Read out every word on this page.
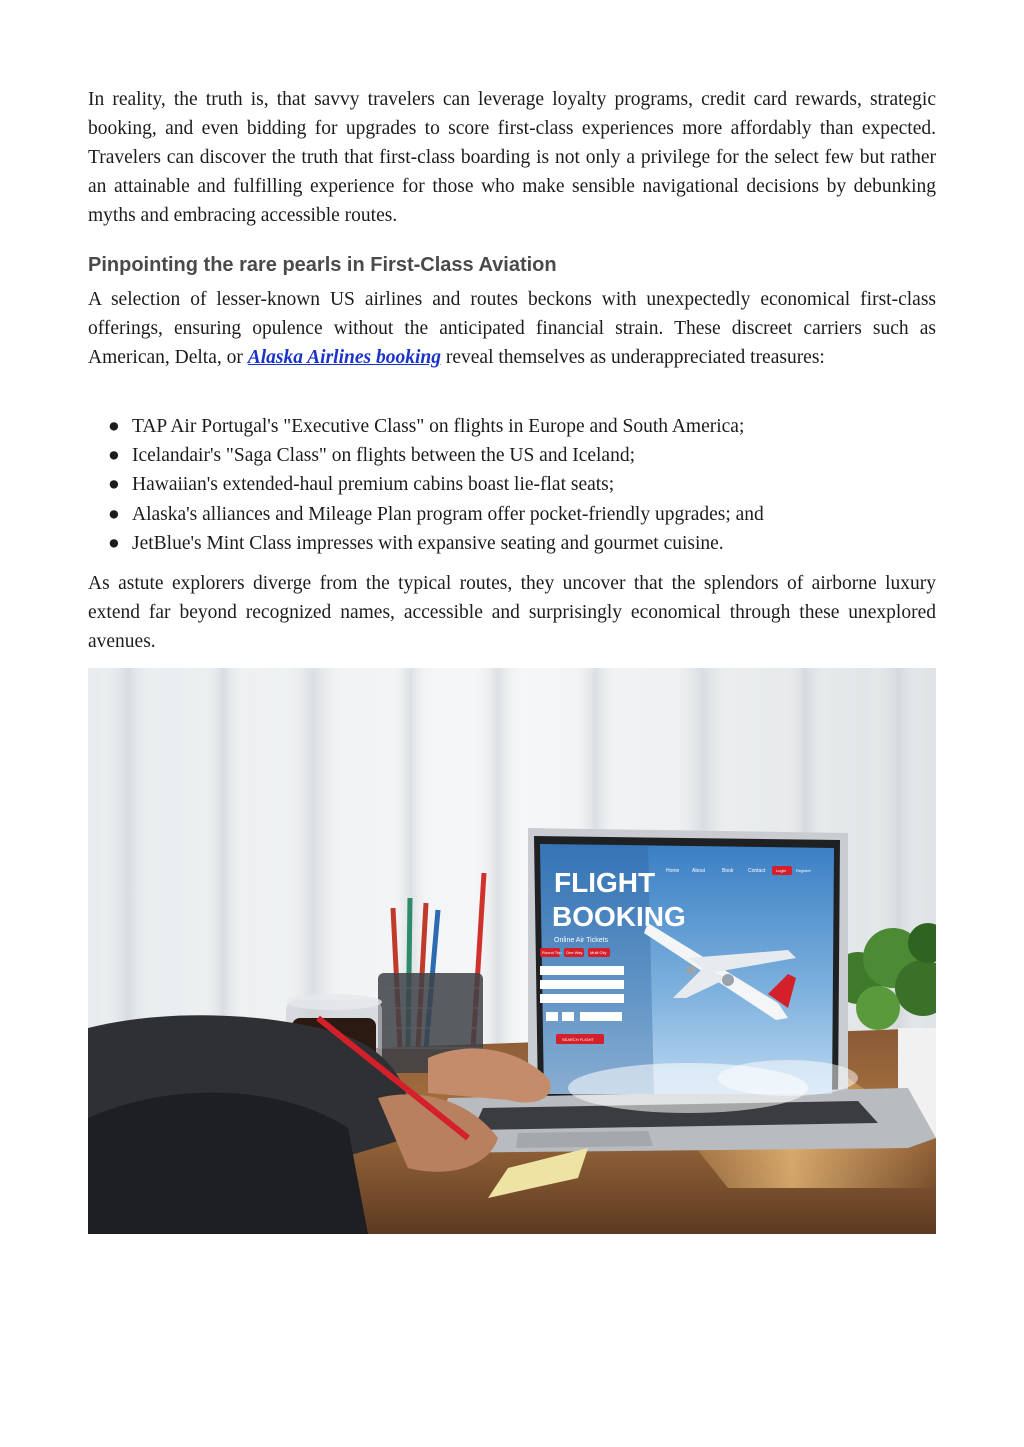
In reality, the truth is, that savvy travelers can leverage loyalty programs, credit card rewards, strategic booking, and even bidding for upgrades to score first-class experiences more affordably than expected. Travelers can discover the truth that first-class boarding is not only a privilege for the select few but rather an attainable and fulfilling experience for those who make sensible navigational decisions by debunking myths and embracing accessible routes.

Pinpointing the rare pearls in First-Class Aviation

A selection of lesser-known US airlines and routes beckons with unexpectedly economical first-class offerings, ensuring opulence without the anticipated financial strain. These discreet carriers such as American, Delta, or Alaska Airlines booking reveal themselves as underappreciated treasures:

● TAP Air Portugal's "Executive Class" on flights in Europe and South America;
● Icelandair's "Saga Class" on flights between the US and Iceland;
● Hawaiian's extended-haul premium cabins boast lie-flat seats;
● Alaska's alliances and Mileage Plan program offer pocket-friendly upgrades; and
● JetBlue's Mint Class impresses with expansive seating and gourmet cuisine.

As astute explorers diverge from the typical routes, they uncover that the splendors of airborne luxury extend far beyond recognized names, accessible and surprisingly economical through these unexplored avenues.

FLIGHT
BOOKING
Online Air Tickets
Home	About	Book	Contact	Login	Register
Round Trip One Way Multi City
SEARCH FLIGHT
